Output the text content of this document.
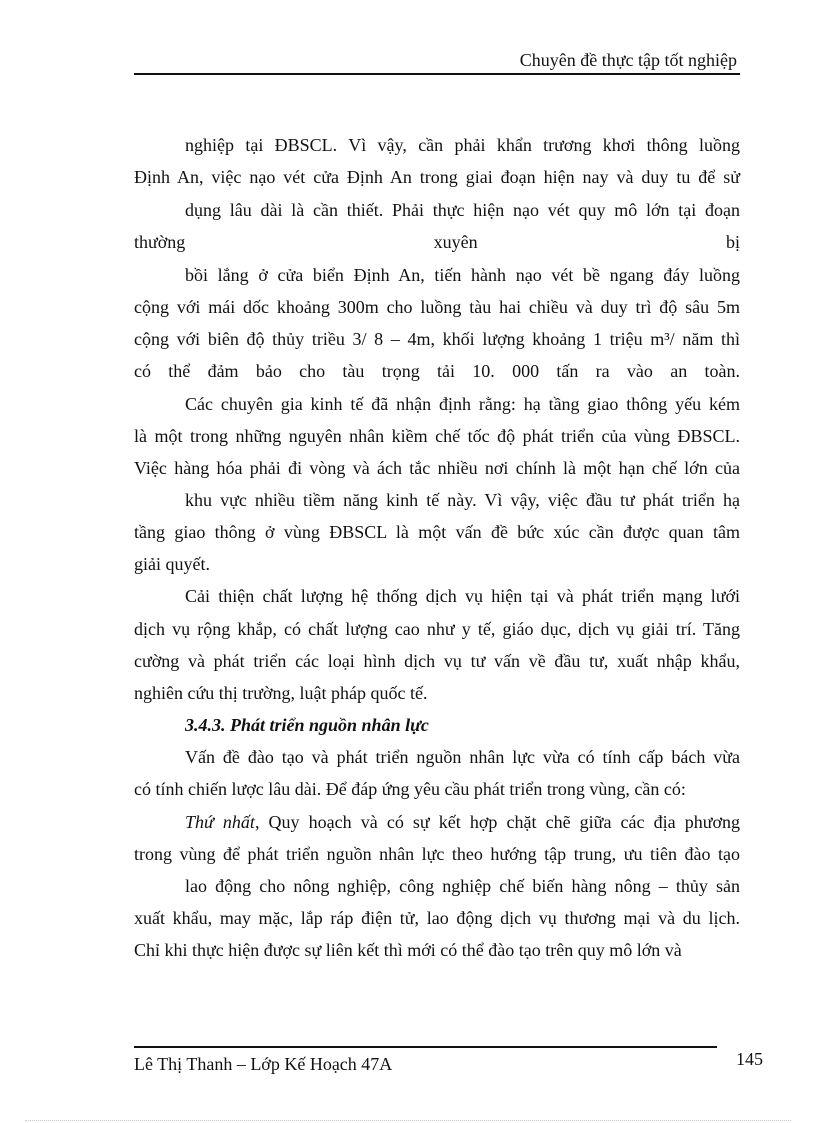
Chuyên đề thực tập tốt nghiệp
nghiệp tại ĐBSCL. Vì vậy, cần phải khẩn trương khơi thông luồng
Định An, việc nạo vét cửa Định An trong giai đoạn hiện nay và duy tu để sử
dụng lâu dài là cần thiết. Phải thực hiện nạo vét quy mô lớn tại đoạn
thường xuyên bị
bồi lắng ở cửa biển Định An, tiến hành nạo vét bề ngang đáy luồng
cộng với mái dốc khoảng 300m cho luồng tàu hai chiều và duy trì độ sâu 5m
cộng với biên độ thủy triều 3/ 8 – 4m, khối lượng khoảng 1 triệu m³/ năm thì
có thể đảm bảo cho tàu trọng tải 10. 000 tấn ra vào an toàn.
Các chuyên gia kinh tế đã nhận định rằng: hạ tầng giao thông yếu kém
là một trong những nguyên nhân kiềm chế tốc độ phát triển của vùng ĐBSCL.
Việc hàng hóa phải đi vòng và ách tắc nhiều nơi chính là một hạn chế lớn của
khu vực nhiều tiềm năng kinh tế này. Vì vậy, việc đầu tư phát triển hạ
tầng giao thông ở vùng ĐBSCL là một vấn đề bức xúc cần được quan tâm
giải quyết.
Cải thiện chất lượng hệ thống dịch vụ hiện tại và phát triển mạng lưới
dịch vụ rộng khắp, có chất lượng cao như y tế, giáo dục, dịch vụ giải trí. Tăng
cường và phát triển các loại hình dịch vụ tư vấn về đầu tư, xuất nhập khẩu,
nghiên cứu thị trường, luật pháp quốc tế.
3.4.3. Phát triển nguồn nhân lực
Vấn đề đào tạo và phát triển nguồn nhân lực vừa có tính cấp bách vừa
có tính chiến lược lâu dài. Để đáp ứng yêu cầu phát triển trong vùng, cần có:
Thứ nhất, Quy hoạch và có sự kết hợp chặt chẽ giữa các địa phương
trong vùng để phát triển nguồn nhân lực theo hướng tập trung, ưu tiên đào tạo
lao động cho nông nghiệp, công nghiệp chế biến hàng nông – thủy sản
xuất khẩu, may mặc, lắp ráp điện tử, lao động dịch vụ thương mại và du lịch.
Chỉ khi thực hiện được sự liên kết thì mới có thể đào tạo trên quy mô lớn và
Lê Thị Thanh – Lớp Kế Hoạch 47A	145
